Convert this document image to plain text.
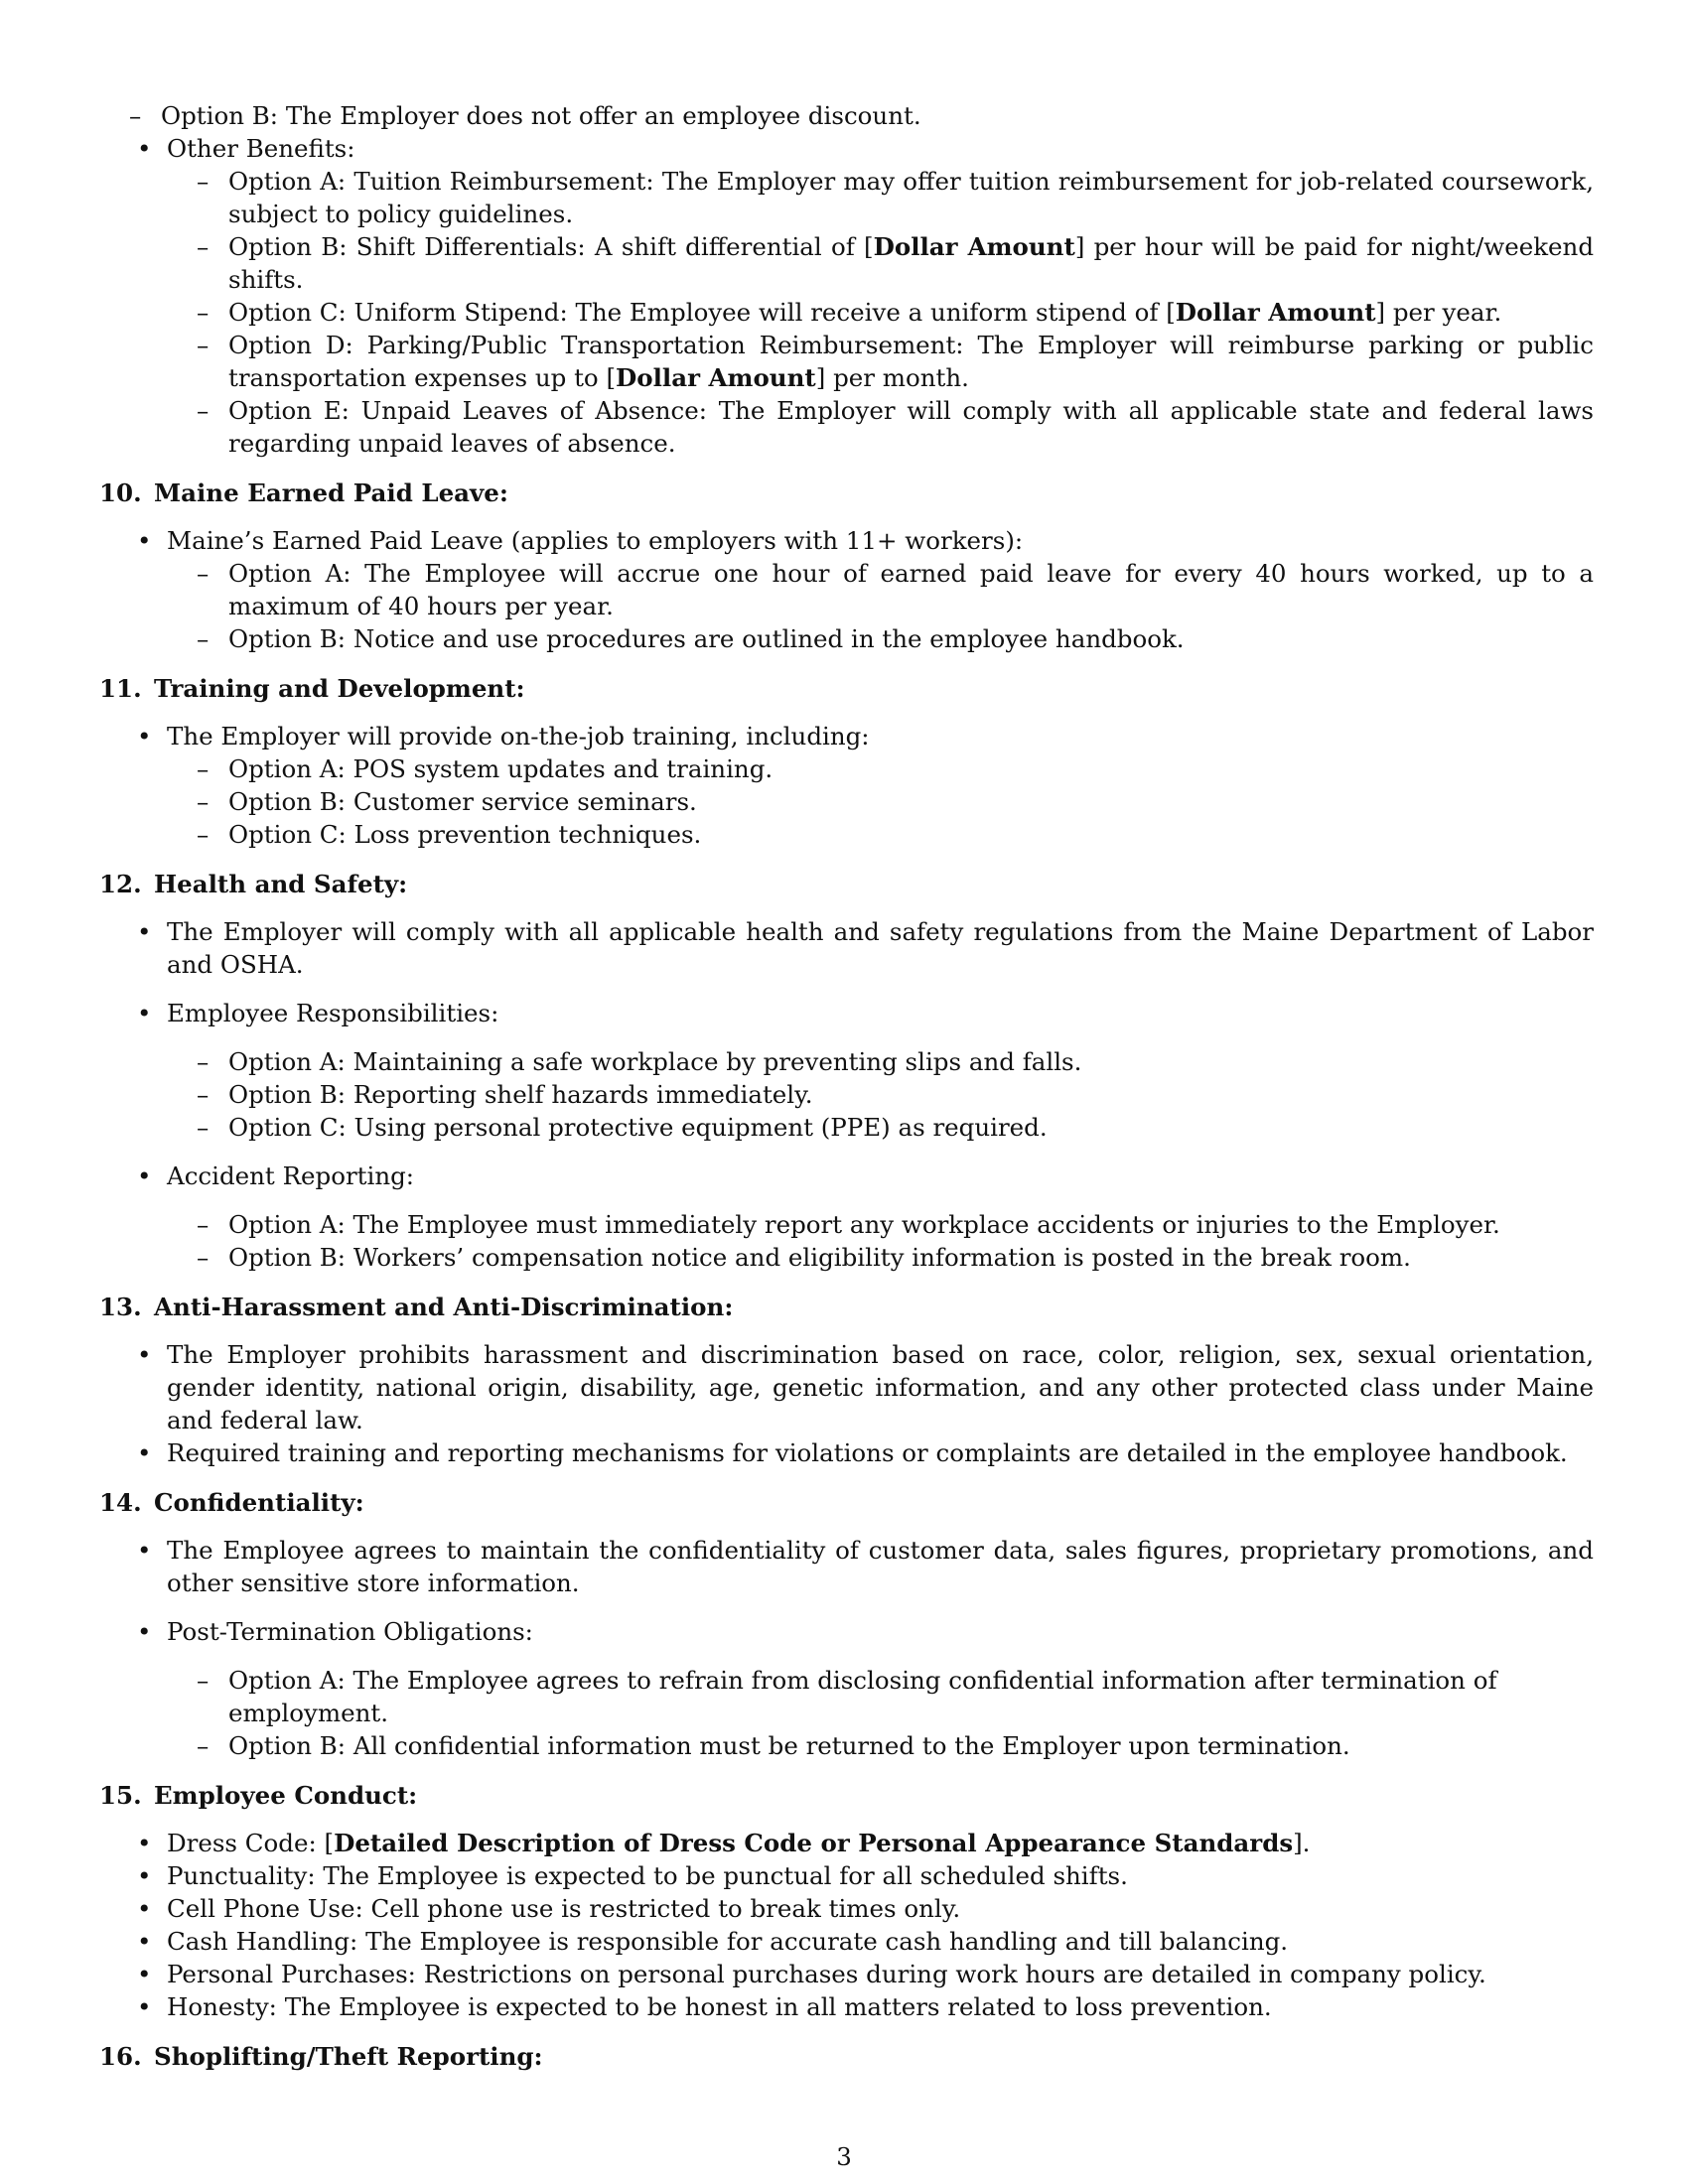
– Option B: The Employer does not offer an employee discount.
• Other Benefits:
– Option A: Tuition Reimbursement: The Employer may offer tuition reimbursement for job-related coursework, subject to policy guidelines.
– Option B: Shift Differentials: A shift differential of [Dollar Amount] per hour will be paid for night/weekend shifts.
– Option C: Uniform Stipend: The Employee will receive a uniform stipend of [Dollar Amount] per year.
– Option D: Parking/Public Transportation Reimbursement: The Employer will reimburse parking or public transportation expenses up to [Dollar Amount] per month.
– Option E: Unpaid Leaves of Absence: The Employer will comply with all applicable state and federal laws regarding unpaid leaves of absence.
10. Maine Earned Paid Leave:
• Maine’s Earned Paid Leave (applies to employers with 11+ workers):
– Option A: The Employee will accrue one hour of earned paid leave for every 40 hours worked, up to a maximum of 40 hours per year.
– Option B: Notice and use procedures are outlined in the employee handbook.
11. Training and Development:
• The Employer will provide on-the-job training, including:
– Option A: POS system updates and training.
– Option B: Customer service seminars.
– Option C: Loss prevention techniques.
12. Health and Safety:
• The Employer will comply with all applicable health and safety regulations from the Maine Department of Labor and OSHA.
• Employee Responsibilities:
– Option A: Maintaining a safe workplace by preventing slips and falls.
– Option B: Reporting shelf hazards immediately.
– Option C: Using personal protective equipment (PPE) as required.
• Accident Reporting:
– Option A: The Employee must immediately report any workplace accidents or injuries to the Employer.
– Option B: Workers’ compensation notice and eligibility information is posted in the break room.
13. Anti-Harassment and Anti-Discrimination:
• The Employer prohibits harassment and discrimination based on race, color, religion, sex, sexual orientation, gender identity, national origin, disability, age, genetic information, and any other protected class under Maine and federal law.
• Required training and reporting mechanisms for violations or complaints are detailed in the employee handbook.
14. Confidentiality:
• The Employee agrees to maintain the confidentiality of customer data, sales figures, proprietary promotions, and other sensitive store information.
• Post-Termination Obligations:
– Option A: The Employee agrees to refrain from disclosing confidential information after termination of employment.
– Option B: All confidential information must be returned to the Employer upon termination.
15. Employee Conduct:
• Dress Code: [Detailed Description of Dress Code or Personal Appearance Standards].
• Punctuality: The Employee is expected to be punctual for all scheduled shifts.
• Cell Phone Use: Cell phone use is restricted to break times only.
• Cash Handling: The Employee is responsible for accurate cash handling and till balancing.
• Personal Purchases: Restrictions on personal purchases during work hours are detailed in company policy.
• Honesty: The Employee is expected to be honest in all matters related to loss prevention.
16. Shoplifting/Theft Reporting:
3
